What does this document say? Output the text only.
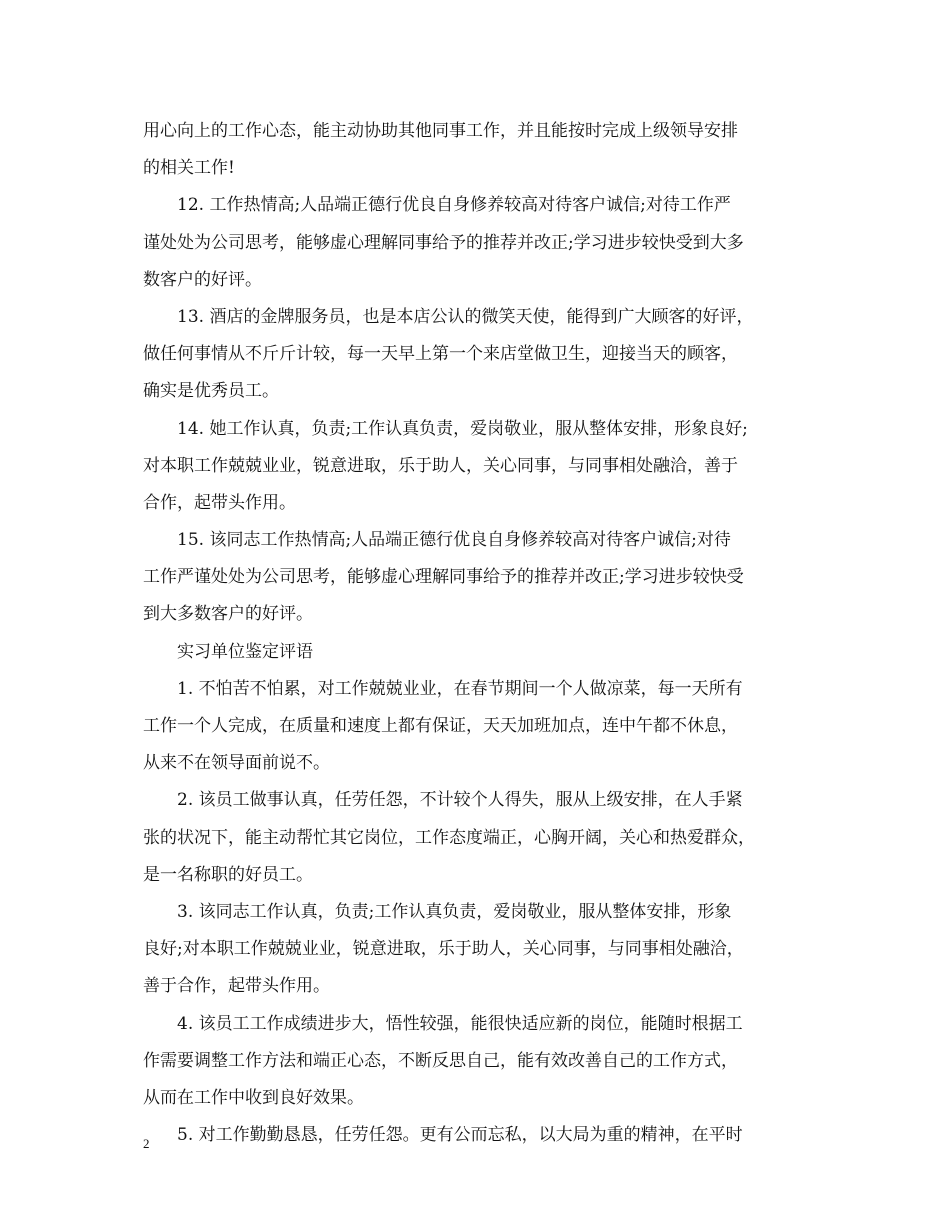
用心向上的工作心态，能主动协助其他同事工作，并且能按时完成上级领导安排
的相关工作!
12. 工作热情高;人品端正德行优良自身修养较高对待客户诚信;对待工作严
谨处处为公司思考，能够虚心理解同事给予的推荐并改正;学习进步较快受到大多
数客户的好评。
13. 酒店的金牌服务员，也是本店公认的微笑天使，能得到广大顾客的好评，
做任何事情从不斤斤计较，每一天早上第一个来店堂做卫生，迎接当天的顾客，
确实是优秀员工。
14. 她工作认真，负责;工作认真负责，爱岗敬业，服从整体安排，形象良好;
对本职工作兢兢业业，锐意进取，乐于助人，关心同事，与同事相处融洽，善于
合作，起带头作用。
15. 该同志工作热情高;人品端正德行优良自身修养较高对待客户诚信;对待
工作严谨处处为公司思考，能够虚心理解同事给予的推荐并改正;学习进步较快受
到大多数客户的好评。
实习单位鉴定评语
1. 不怕苦不怕累，对工作兢兢业业，在春节期间一个人做凉菜，每一天所有
工作一个人完成，在质量和速度上都有保证，天天加班加点，连中午都不休息，
从来不在领导面前说不。
2. 该员工做事认真，任劳任怨，不计较个人得失，服从上级安排，在人手紧
张的状况下，能主动帮忙其它岗位，工作态度端正，心胸开阔，关心和热爱群众，
是一名称职的好员工。
3. 该同志工作认真，负责;工作认真负责，爱岗敬业，服从整体安排，形象
良好;对本职工作兢兢业业，锐意进取，乐于助人，关心同事，与同事相处融洽，
善于合作，起带头作用。
4. 该员工工作成绩进步大，悟性较强，能很快适应新的岗位，能随时根据工
作需要调整工作方法和端正心态，不断反思自己，能有效改善自己的工作方式，
从而在工作中收到良好效果。
5. 对工作勤勤恳恳，任劳任怨。更有公而忘私，以大局为重的精神，在平时
2
